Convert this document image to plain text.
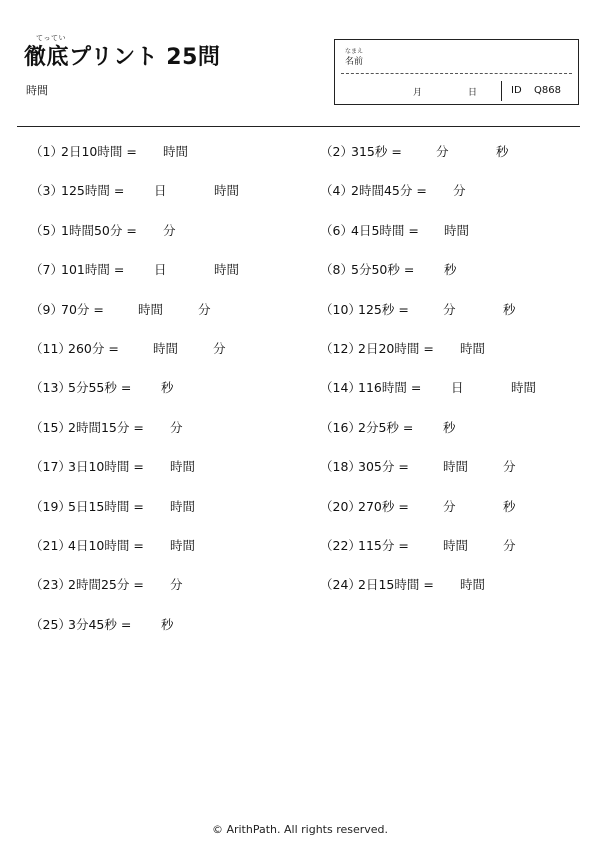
てってい
徹底プリント 25問
時間
なまえ
名前
月	日	ID Q868
（1）
2日10時間 = 時間	（2）
315秒 =	分	秒
（3）
125時間 = 日	時間	（4）
2時間45分 = 分
（5）
1時間50分 = 分	（6）
4日5時間 = 時間
（7）
101時間 = 日	時間	（8）
5分50秒 = 秒
（9）
70分 =	時間	分	（10）
125秒 =	分	秒
（11）
260分 =	時間	分	（12）
2日20時間 = 時間
（13）
5分55秒 = 秒	（14）
116時間 = 日	時間
（15）
2時間15分 = 分	（16）
2分5秒 = 秒
（17）
3日10時間 = 時間	（18）
305分 =	時間	分
（19）
5日15時間 = 時間	（20）
270秒 =	分	秒
（21）
4日10時間 = 時間	（22）
115分 =	時間	分
（23）
2時間25分 = 分	（24）
2日15時間 = 時間
（25）
3分45秒 = 秒
© ArithPath. All rights reserved.
